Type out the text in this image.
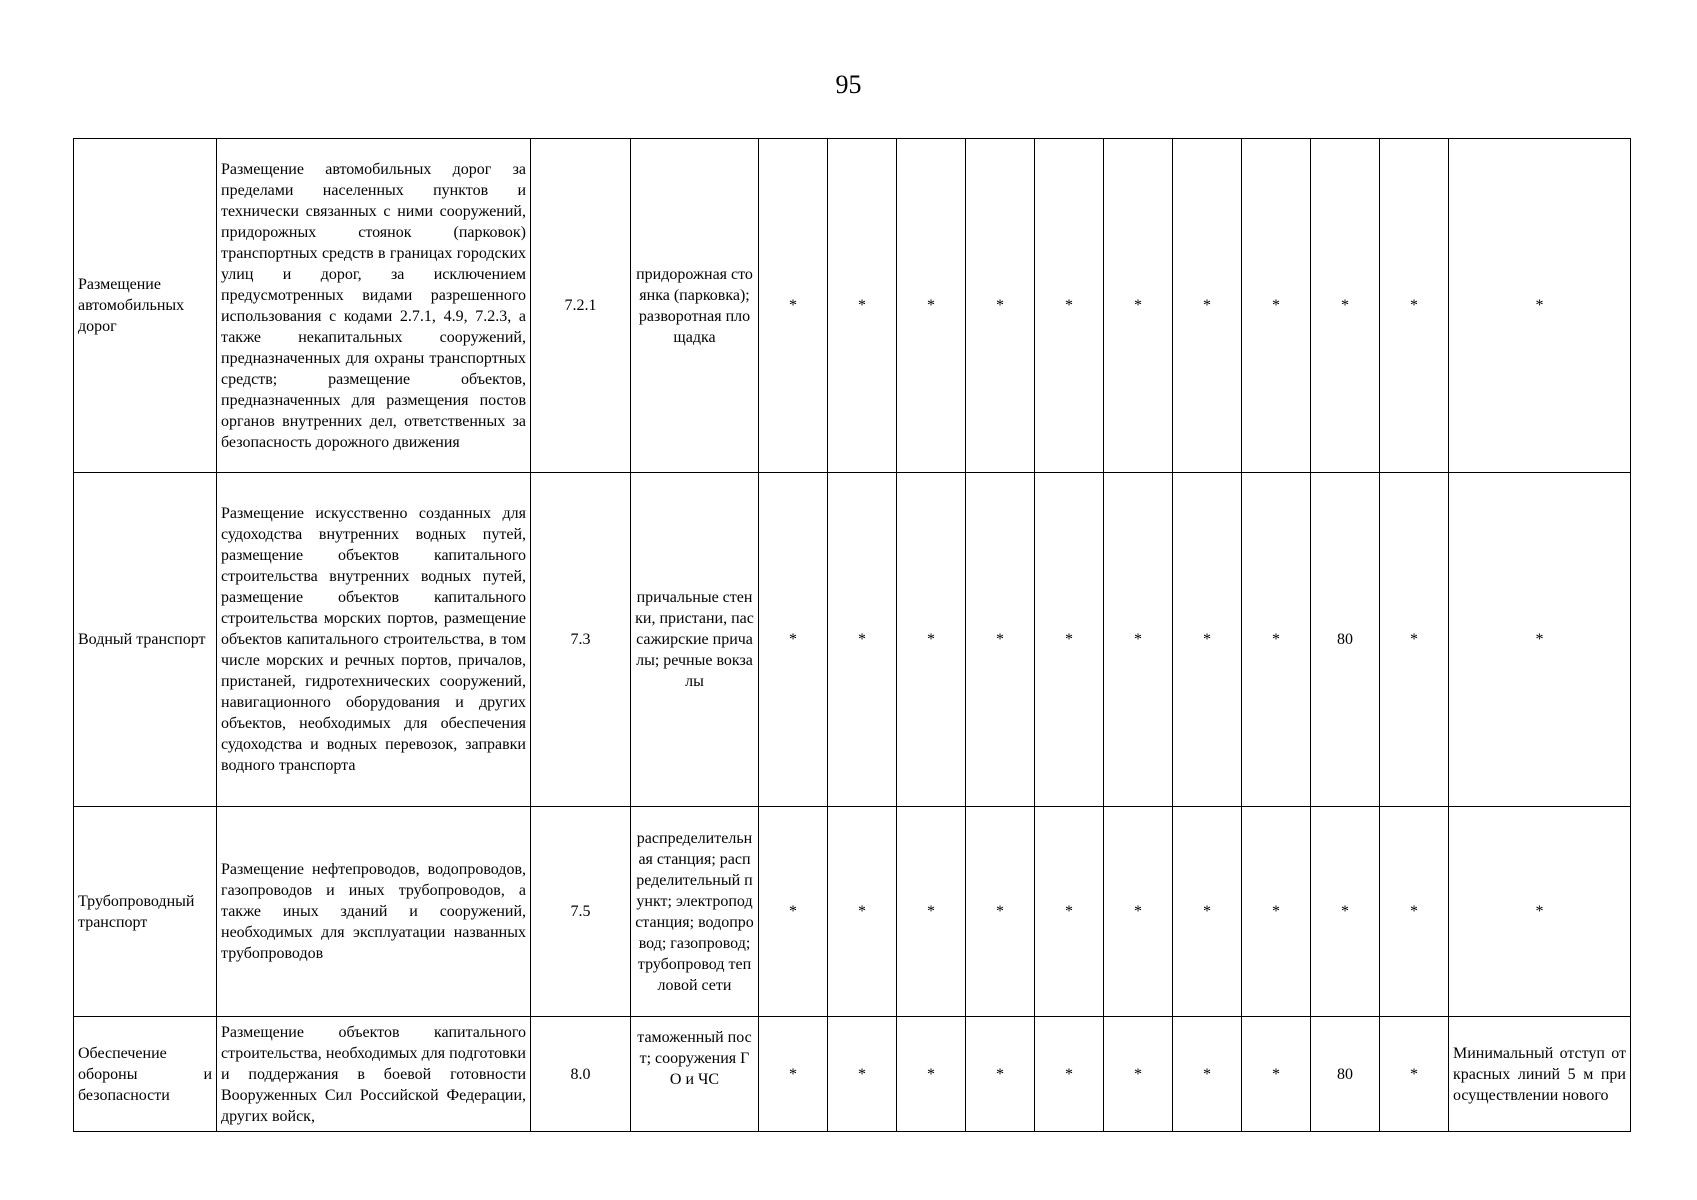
95
Размещение автомобильных дорог	Размещение автомобильных дорог за пределами населенных пунктов и технически связанных с ними сооружений, придорожных стоянок (парковок) транспортных средств в границах городских улиц и дорог, за исключением предусмотренных видами разрешенного использования с кодами 2.7.1, 4.9, 7.2.3, а также некапитальных сооружений, предназначенных для охраны транспортных средств; размещение объектов, предназначенных для размещения постов органов внутренних дел, ответственных за безопасность дорожного движения	7.2.1	придорожная стоянка (парковка); разворотная площадка	*	*	*	*	*	*	*	*	*	*	*
Водный транспорт	Размещение искусственно созданных для судоходства внутренних водных путей, размещение объектов капитального строительства внутренних водных путей, размещение объектов капитального строительства морских портов, размещение объектов капитального строительства, в том числе морских и речных портов, причалов, пристаней, гидротехнических сооружений, навигационного оборудования и других объектов, необходимых для обеспечения судоходства и водных перевозок, заправки водного транспорта	7.3	причальные стенки, пристани, пассажирские причалы; речные вокзалы	*	*	*	*	*	*	*	*	80	*	*
Трубопроводный транспорт	Размещение нефтепроводов, водопроводов, газопроводов и иных трубопроводов, а также иных зданий и сооружений, необходимых для эксплуатации названных трубопроводов	7.5	распределительная станция; распределительный пункт; электроподстанция; водопровод; газопровод; трубопровод тепловой сети	*	*	*	*	*	*	*	*	*	*	*
Обеспечение обороны и безопасности	Размещение объектов капитального строительства, необходимых для подготовки и поддержания в боевой готовности Вооруженных Сил Российской Федерации, других войск,	8.0	таможенный пост; сооружения ГО и ЧС	*	*	*	*	*	*	*	*	80	*	Минимальный отступ от красных линий 5 м при осуществлении нового
